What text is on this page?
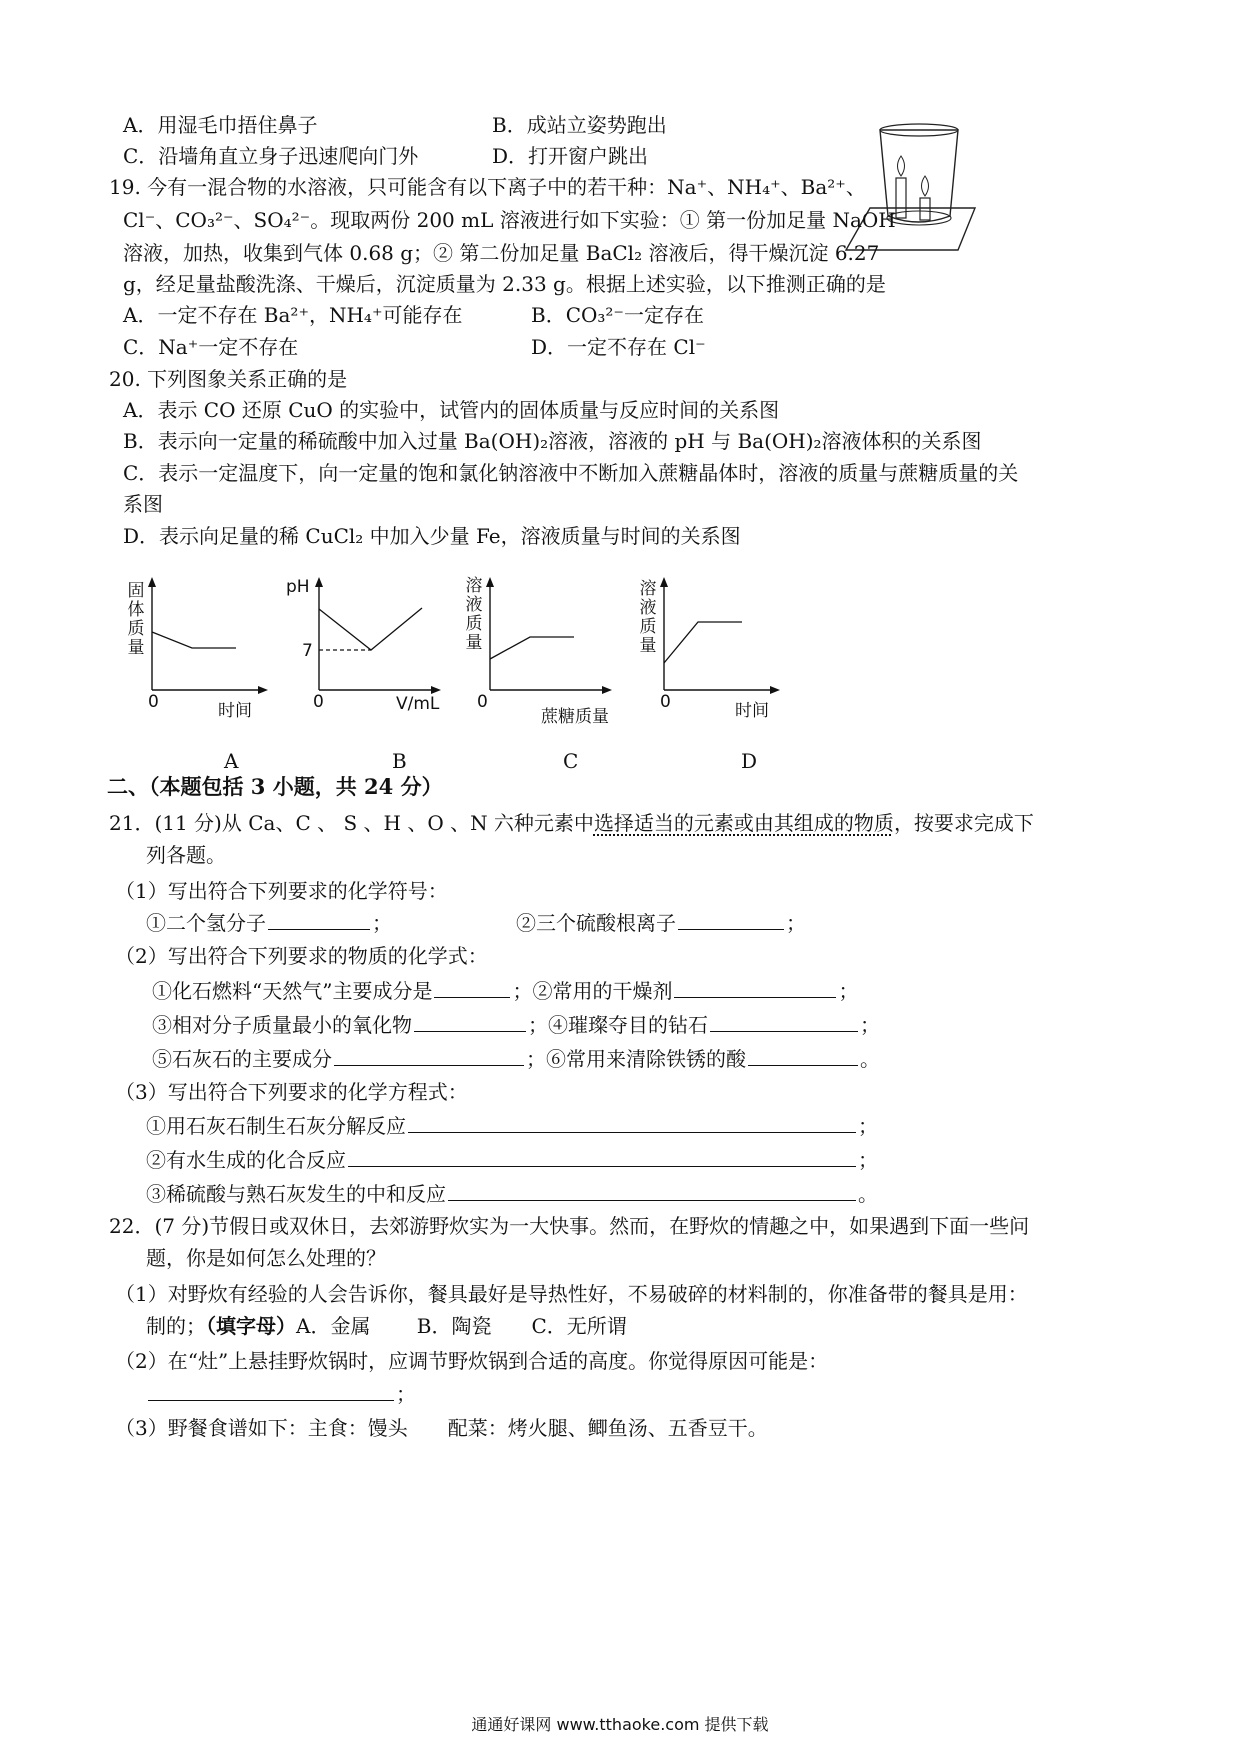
A．用湿毛巾捂住鼻子	B．成站立姿势跑出
C．沿墙角直立身子迅速爬向门外	D．打开窗户跳出
19. 今有一混合物的水溶液，只可能含有以下离子中的若干种：Na⁺、NH₄⁺、Ba²⁺、
Cl⁻、CO₃²⁻、SO₄²⁻。现取两份 200 mL 溶液进行如下实验：① 第一份加足量 NaOH
溶液，加热，收集到气体 0.68 g；② 第二份加足量 BaCl₂ 溶液后，得干燥沉淀 6.27
g，经足量盐酸洗涤、干燥后，沉淀质量为 2.33 g。根据上述实验，以下推测正确的是
A．一定不存在 Ba²⁺，NH₄⁺可能存在	B．CO₃²⁻一定存在
C．Na⁺一定不存在	D．一定不存在 Cl⁻
20. 下列图象关系正确的是
A．表示 CO 还原 CuO 的实验中，试管内的固体质量与反应时间的关系图
B．表示向一定量的稀硫酸中加入过量 Ba(OH)₂溶液，溶液的 pH 与 Ba(OH)₂溶液体积的关系图
C．表示一定温度下，向一定量的饱和氯化钠溶液中不断加入蔗糖晶体时，溶液的质量与蔗糖质量的关
系图
D．表示向足量的稀 CuCl₂ 中加入少量 Fe，溶液质量与时间的关系图
固体质量
0	时间
A
pH
7
0	V/mL
B
溶液质量
0
蔗糖质量
C
溶液质量
0	时间
D
二、（本题包括 3 小题，共 24 分）
21．(11 分)从 Ca、C 、 S 、H 、O 、N 六种元素中选择适当的元素或由其组成的物质，按要求完成下
列各题。
（1）写出符合下列要求的化学符号：
①二个氢分子	；	②三个硫酸根离子	；
（2）写出符合下列要求的物质的化学式：
①化石燃料“天然气”主要成分是	；②常用的干燥剂	；
③相对分子质量最小的氧化物	；④璀璨夺目的钻石	；
⑤石灰石的主要成分	；⑥常用来清除铁锈的酸	。
（3）写出符合下列要求的化学方程式：
①用石灰石制生石灰分解反应	；
②有水生成的化合反应	；
③稀硫酸与熟石灰发生的中和反应	。
22．(7 分)节假日或双休日，去郊游野炊实为一大快事。然而，在野炊的情趣之中，如果遇到下面一些问
题，你是如何怎么处理的？
（1）对野炊有经验的人会告诉你，餐具最好是导热性好，不易破碎的材料制的，你准备带的餐具是用：
制的；（填字母）A．金属　　 B．陶瓷　　C．无所谓
（2）在“灶”上悬挂野炊锅时，应调节野炊锅到合适的高度。你觉得原因可能是：
；
（3）野餐食谱如下：主食：馒头　　配菜：烤火腿、鲫鱼汤、五香豆干。
通通好课网 www.tthaoke.com 提供下载
